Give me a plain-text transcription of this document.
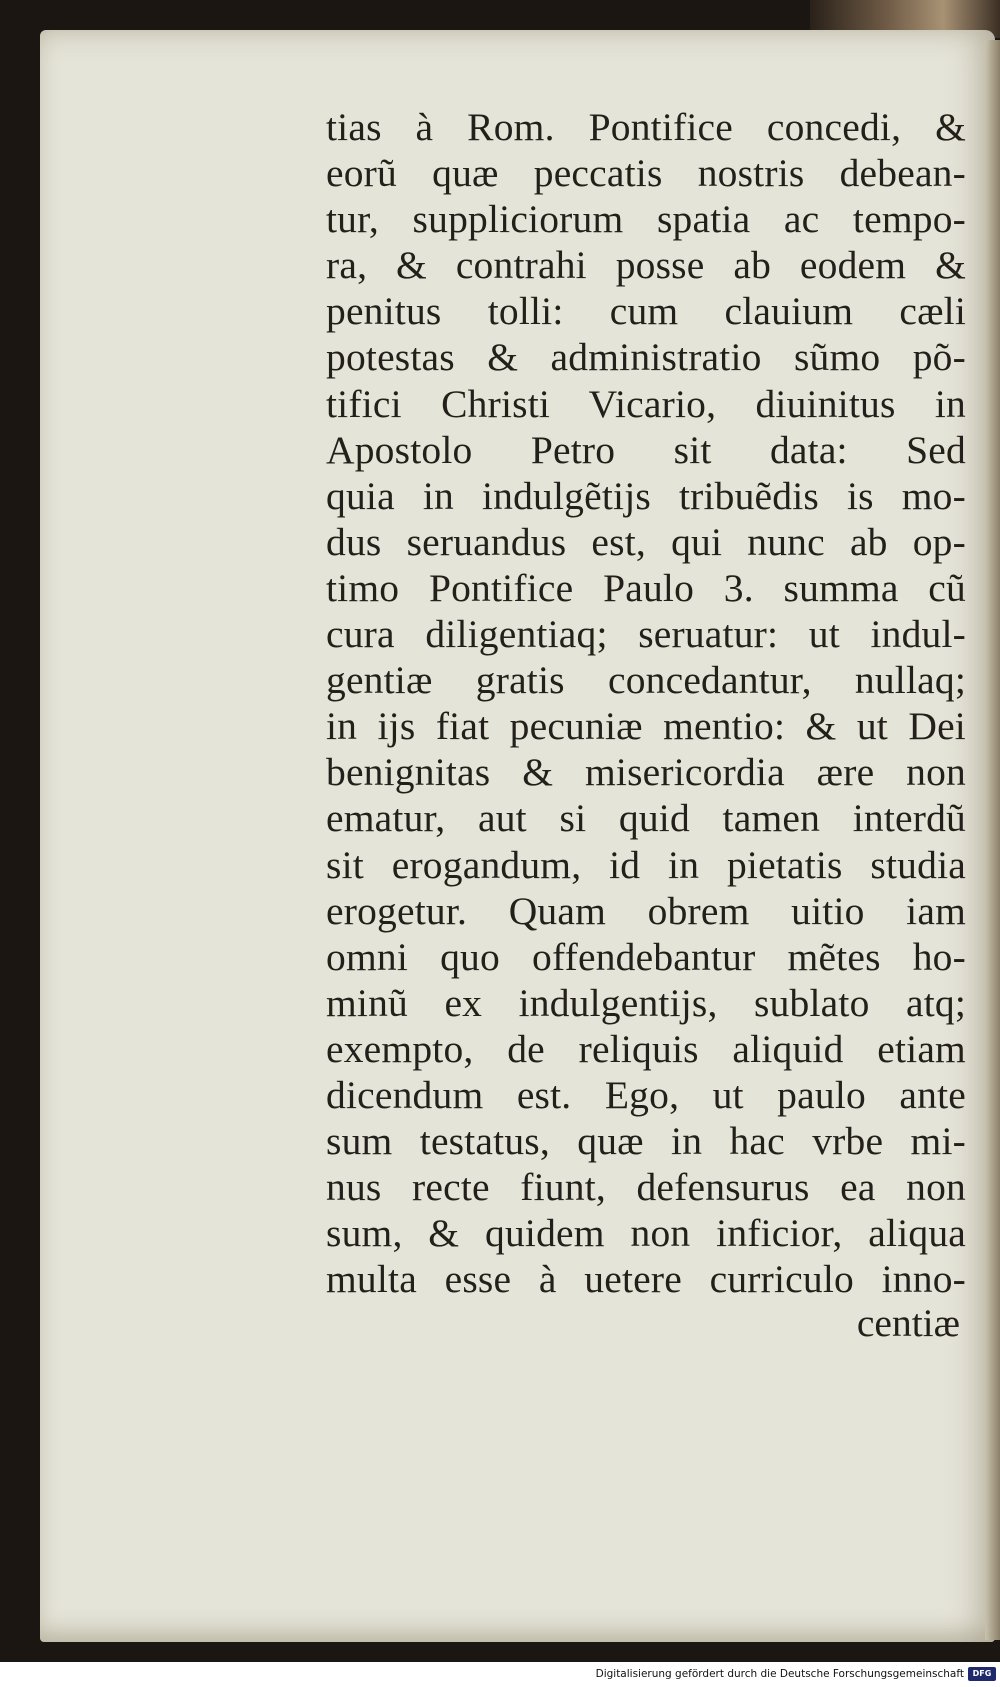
tias à Rom. Pontifice concedi, &
eorũ quæ peccatis nostris debean-
tur, suppliciorum spatia ac tempo-
ra, & contrahi posse ab eodem &
penitus tolli: cum clauium cæli
potestas & administratio sũmo põ-
tifici Christi Vicario, diuinitus in
Apostolo Petro sit data: Sed
quia in indulgẽtijs tribuẽdis is mo-
dus seruandus est, qui nunc ab op-
timo Pontifice Paulo 3. summa cũ
cura diligentiaq; seruatur: ut indul-
gentiæ gratis concedantur, nullaq;
in ijs fiat pecuniæ mentio: & ut Dei
benignitas & misericordia ære non
ematur, aut si quid tamen interdũ
sit erogandum, id in pietatis studia
erogetur. Quam obrem uitio iam
omni quo offendebantur mẽtes ho-
minũ ex indulgentijs, sublato atq;
exempto, de reliquis aliquid etiam
dicendum est. Ego, ut paulo ante
sum testatus, quæ in hac vrbe mi-
nus recte fiunt, defensurus ea non
sum, & quidem non inficior, aliqua
multa esse à uetere curriculo inno-
centiæ
Digitalisierung gefördert durch die Deutsche Forschungsgemeinschaft	DFG
